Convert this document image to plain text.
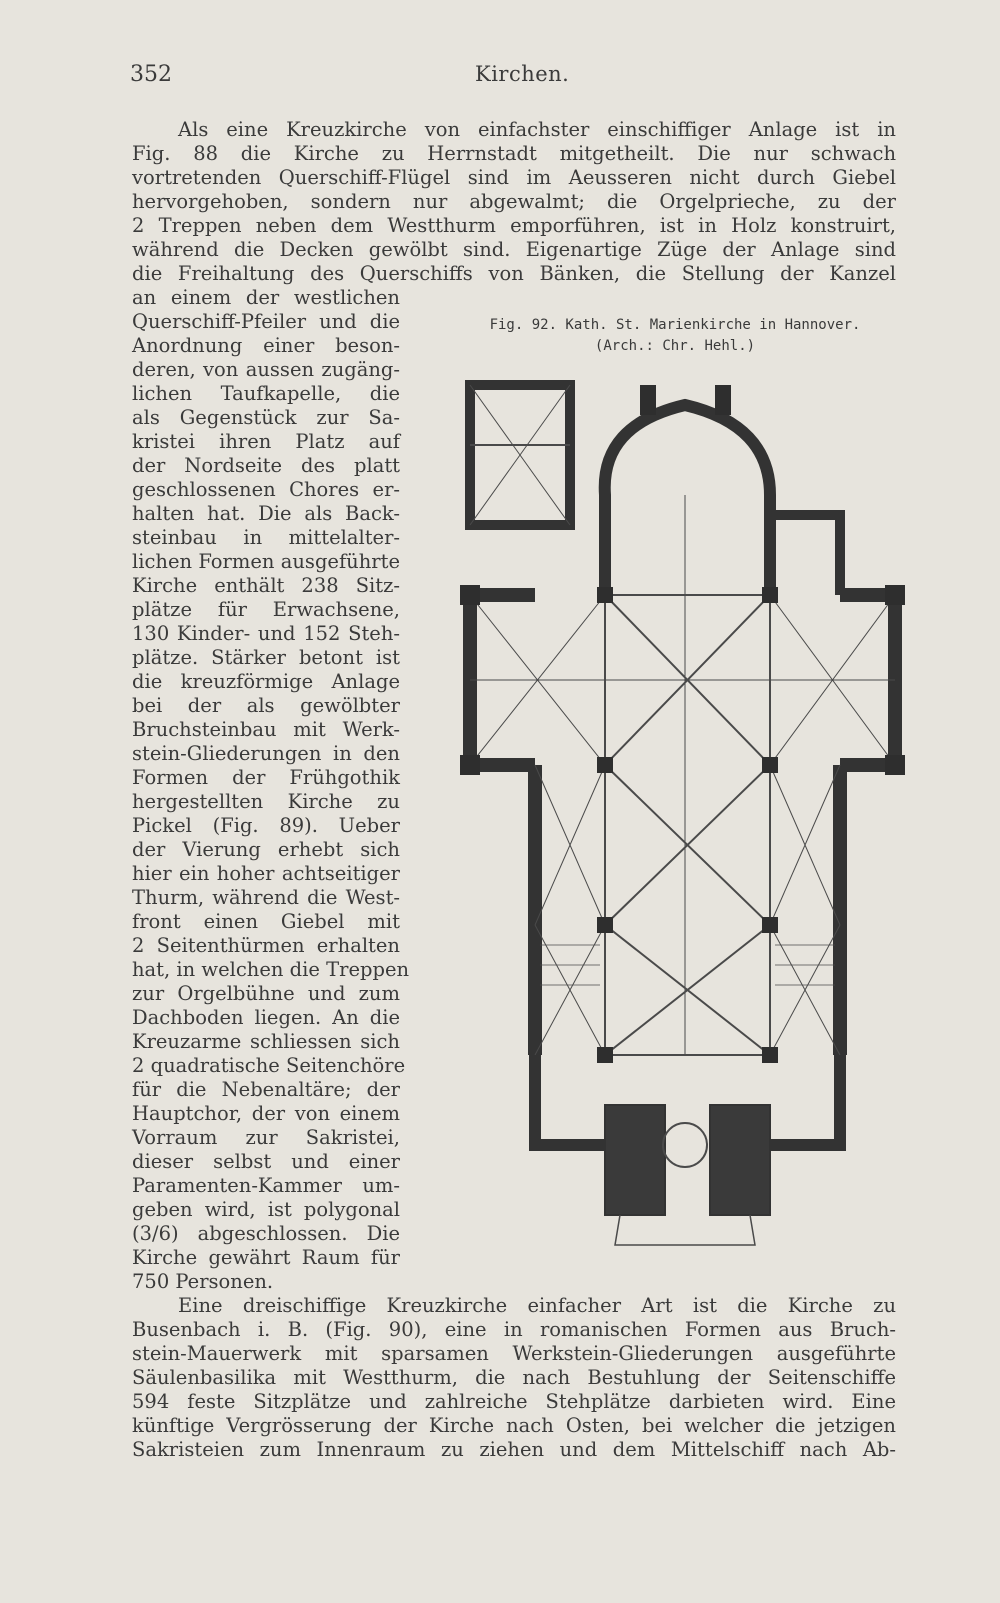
352	Kirchen.
Als eine Kreuzkirche von einfachster einschiffiger Anlage ist in
Fig. 88 die Kirche zu Herrnstadt mitgetheilt. Die nur schwach
vortretenden Querschiff-Flügel sind im Aeusseren nicht durch Giebel
hervorgehoben, sondern nur abgewalmt; die Orgelprieche, zu der
2 Treppen neben dem Westthurm emporführen, ist in Holz konstruirt,
während die Decken gewölbt sind. Eigenartige Züge der Anlage sind
die Freihaltung des Querschiffs von Bänken, die Stellung der Kanzel
an einem der westlichen
Querschiff-Pfeiler und die
Anordnung einer beson-
deren, von aussen zugäng-
lichen Taufkapelle, die
als Gegenstück zur Sa-
kristei ihren Platz auf
der Nordseite des platt
geschlossenen Chores er-
halten hat. Die als Back-
steinbau in mittelalter-
lichen Formen ausgeführte
Kirche enthält 238 Sitz-
plätze für Erwachsene,
130 Kinder- und 152 Steh-
plätze. Stärker betont ist
die kreuzförmige Anlage
bei der als gewölbter
Bruchsteinbau mit Werk-
stein-Gliederungen in den
Formen der Frühgothik
hergestellten Kirche zu
Pickel (Fig. 89). Ueber
der Vierung erhebt sich
hier ein hoher achtseitiger
Thurm, während die West-
front einen Giebel mit
2 Seitenthürmen erhalten
hat, in welchen die Treppen
zur Orgelbühne und zum
Dachboden liegen. An die
Kreuzarme schliessen sich
2 quadratische Seitenchöre
für die Nebenaltäre; der
Hauptchor, der von einem
Vorraum zur Sakristei,
dieser selbst und einer
Paramenten-Kammer um-
geben wird, ist polygonal
(3/6) abgeschlossen. Die
Kirche gewährt Raum für
750 Personen.
Fig. 92. Kath. St. Marienkirche in Hannover.
(Arch.: Chr. Hehl.)
Eine dreischiffige Kreuzkirche einfacher Art ist die Kirche zu
Busenbach i. B. (Fig. 90), eine in romanischen Formen aus Bruch-
stein-Mauerwerk mit sparsamen Werkstein-Gliederungen ausgeführte
Säulenbasilika mit Westthurm, die nach Bestuhlung der Seitenschiffe
594 feste Sitzplätze und zahlreiche Stehplätze darbieten wird. Eine
künftige Vergrösserung der Kirche nach Osten, bei welcher die jetzigen
Sakristeien zum Innenraum zu ziehen und dem Mittelschiff nach Ab-
